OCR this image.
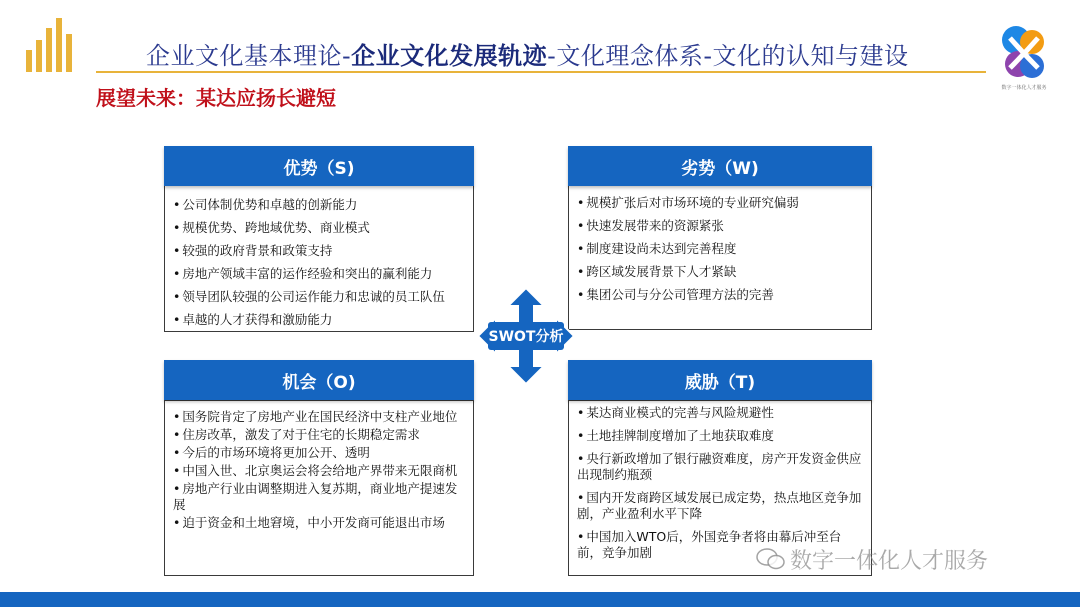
企业文化基本理论-企业文化发展轨迹-文化理念体系-文化的认知与建设
展望未来：某达应扬长避短	数字一体化人才服务
• 公司体制优势和卓越的创新能力
• 规模优势、跨地域优势、商业模式
• 较强的政府背景和政策支持
• 房地产领域丰富的运作经验和突出的赢利能力
• 领导团队较强的公司运作能力和忠诚的员工队伍
• 卓越的人才获得和激励能力
优势（S)
• 规模扩张后对市场环境的专业研究偏弱
• 快速发展带来的资源紧张
• 制度建设尚未达到完善程度
• 跨区域发展背景下人才紧缺
• 集团公司与分公司管理方法的完善
劣势（W)
• 国务院肯定了房地产业在国民经济中支柱产业地位
• 住房改革，激发了对于住宅的长期稳定需求
• 今后的市场环境将更加公开、透明
• 中国入世、北京奥运会将会给地产界带来无限商机
• 房地产行业由调整期进入复苏期，商业地产提速发展
• 迫于资金和土地窘境，中小开发商可能退出市场
机会（O)
• 某达商业模式的完善与风险规避性
• 土地挂牌制度增加了土地获取难度
• 央行新政增加了银行融资难度，房产开发资金供应出现制约瓶颈
• 国内开发商跨区域发展已成定势，热点地区竞争加剧，产业盈利水平下降
• 中国加入WTO后，外国竞争者将由幕后冲至台前，竞争加剧
威胁（T)
SWOT分析
数字一体化人才服务
